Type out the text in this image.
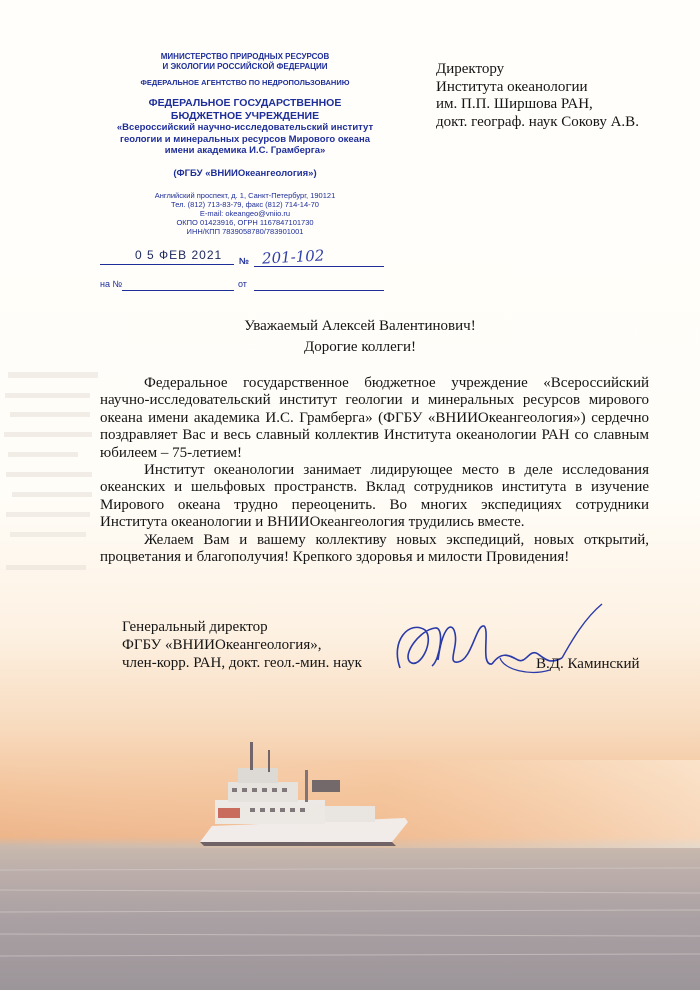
МИНИСТЕРСТВО ПРИРОДНЫХ РЕСУРСОВ

И ЭКОЛОГИИ РОССИЙСКОЙ ФЕДЕРАЦИИ

ФЕДЕРАЛЬНОЕ АГЕНТСТВО ПО НЕДРОПОЛЬЗОВАНИЮ

ФЕДЕРАЛЬНОЕ ГОСУДАРСТВЕННОЕ

БЮДЖЕТНОЕ УЧРЕЖДЕНИЕ

«Всероссийский научно-исследовательский институт

геологии и минеральных ресурсов Мирового океана

имени академика И.С. Грамберга»

(ФГБУ «ВНИИОкеангеология»)

Английский проспект, д. 1, Санкт-Петербург, 190121

Тел. (812) 713-83-79, факс (812) 714-14-70

E-mail: okeangeo@vniio.ru

ОКПО 01423916, ОГРН 1167847101730

ИНН/КПП 7839058780/783901001

0 5 ФЕВ 2021 № 201-102
на №	от
Директору
Института океанологии
им. П.П. Ширшова РАН,
докт. географ. наук Сокову А.В.
Уважаемый Алексей Валентинович!
Дорогие коллеги!

Федеральное государственное бюджетное учреждение «Всероссийский научно-исследовательский институт геологии и минеральных ресурсов мирового океана имени академика И.С. Грамберга» (ФГБУ «ВНИИОкеангеология») сердечно поздравляет Вас и весь славный коллектив Института океанологии РАН со славным юбилеем – 75-летием!

Институт океанологии занимает лидирующее место в деле исследования океанских и шельфовых пространств. Вклад сотрудников института в изучение Мирового океана трудно переоценить. Во многих экспедициях сотрудники Института океанологии и ВНИИОкеангеология трудились вместе.

Желаем Вам и вашему коллективу новых экспедиций, новых открытий, процветания и благополучия! Крепкого здоровья и милости Провидения!

Генеральный директор
ФГБУ «ВНИИОкеангеология»,
член-корр. РАН, докт. геол.-мин. наук	В.Д. Каминский
